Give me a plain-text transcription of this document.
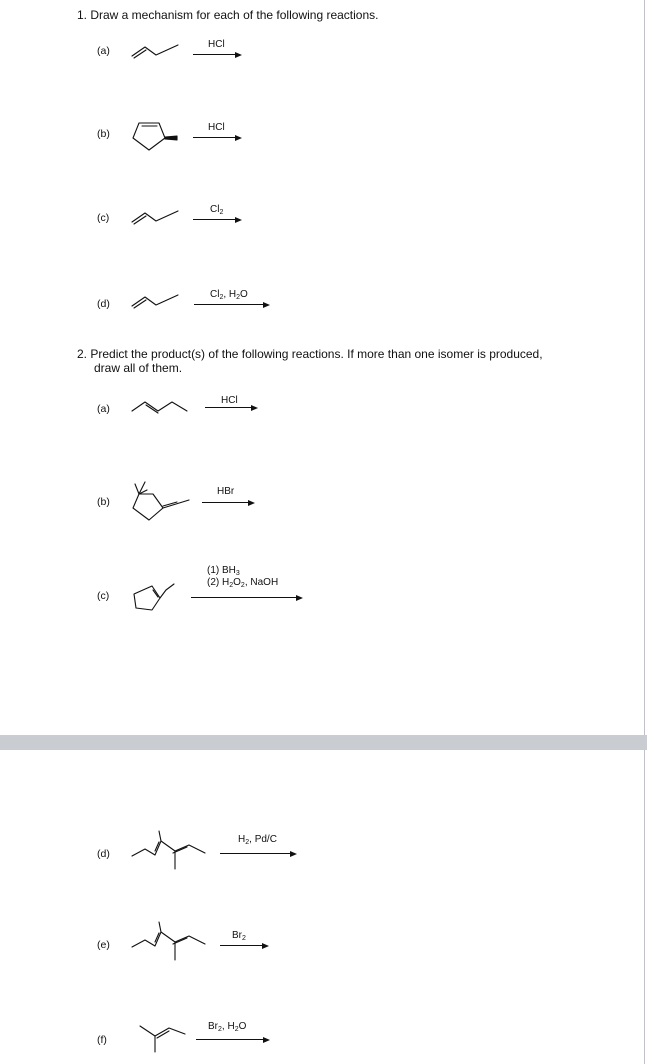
1. Draw a mechanism for each of the following reactions.

(a)
HCl
(b)
HCl
(c)
$Cl_2$
(d)
$Cl_2$, $H_2O$

2. Predict the product(s) of the following reactions. If more than one isomer is produced,

draw all of them.

(a)
HCl
(b)
HBr
(c)
(1) $BH_3$
(2) $H_2O_2$, NaOH
(d)
$H_2$, Pd/C
(e)
$Br_2$
(f)
$Br_2$, $H_2O$
